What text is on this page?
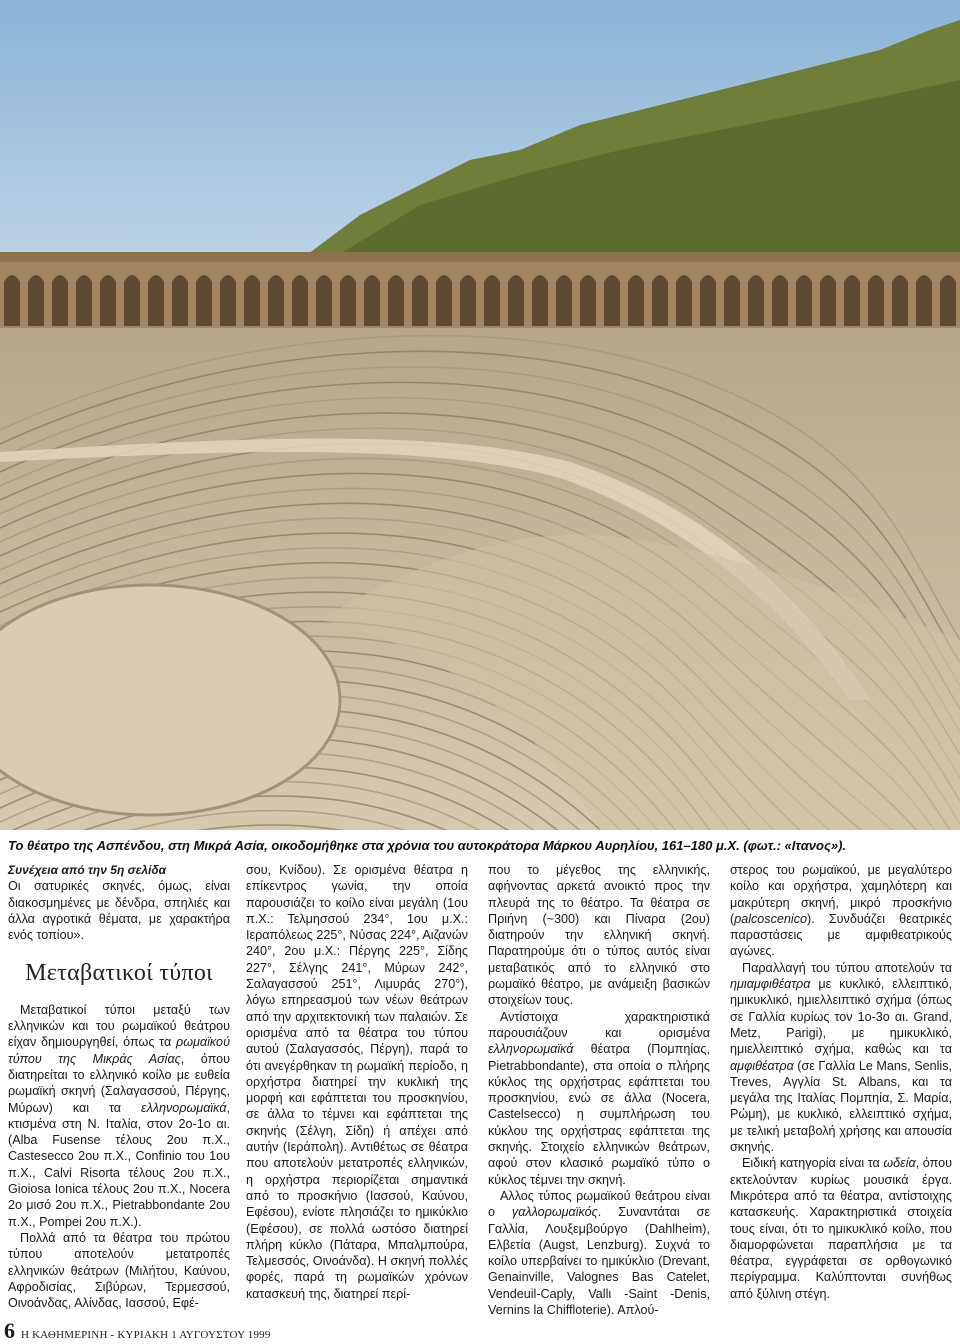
Το θέατρο της Ασπένδου, στη Μικρά Ασία, οικοδομήθηκε στα χρόνια του αυτοκράτορα Μάρκου Αυρηλίου, 161–180 μ.Χ. (φωτ.: «Ιτανος»).

Συνέχεια από την 5η σελίδα

Οι σατυρικές σκηνές, όμως, είναι διακοσμημένες με δένδρα, σπηλιές και άλλα αγροτικά θέματα, με χαρακτήρα ενός τοπίου».

Μεταβατικοί τύποι

Μεταβατικοί τύποι μεταξύ των ελληνικών και του ρωμαϊκού θεάτρου είχαν δημιουργηθεί, όπως τα ρωμαϊκού τύπου της Μικράς Ασίας, όπου διατηρείται το ελληνικό κοίλο με ευθεία ρωμαϊκή σκηνή (Σαλαγασσού, Πέργης, Μύρων) και τα ελληνορωμαϊκά, κτισμένα στη Ν. Ιταλία, στον 2ο-1ο αι. (Alba Fusense τέλους 2ου π.Χ., Castesecco 2ου π.Χ., Confinio του 1ου π.Χ., Calvi Risorta τέλους 2ου π.Χ., Gioiosa Ionica τέλους 2ου π.Χ., Nocera 2ο μισό 2ου π.Χ., Pietrabbondante 2ου π.Χ., Pompei 2ου π.Χ.).

Πολλά από τα θέατρα του πρώτου τύπου αποτελούν μετατροπές ελληνικών θεάτρων (Μιλήτου, Καύνου, Αφροδισίας, Σιβύρων, Τερμεσσού, Οινοάνδας, Αλίνδας, Ιασσού, Εφέ-

σου, Κνίδου). Σε ορισμένα θέατρα η επίκεντρος γωνία, την οποία παρουσιάζει το κοίλο είναι μεγάλη (1ου π.Χ.: Τελμησσού 234°, 1ου μ.Χ.: Ιεραπόλεως 225°, Νύσας 224°, Αιζανών 240°, 2ου μ.Χ.: Πέργης 225°, Σίδης 227°, Σέλγης 241°, Μύρων 242°, Σαλαγασσού 251°, Λιμυράς 270°), λόγω επηρεασμού των νέων θεάτρων από την αρχιτεκτονική των παλαιών. Σε ορισμένα από τα θέατρα του τύπου αυτού (Σαλαγασσός, Πέργη), παρά το ότι ανεγέρθηκαν τη ρωμαϊκή περίοδο, η ορχήστρα διατηρεί την κυκλική της μορφή και εφάπτεται του προσκηνίου, σε άλλα το τέμνει και εφάπτεται της σκηνής (Σέλγη, Σίδη) ή απέχει από αυτήν (Ιεράπολη). Αντιθέτως σε θέατρα που αποτελούν μετατροπές ελληνικών, η ορχήστρα περιορίζεται σημαντικά από το προσκήνιο (Ιασσού, Καύνου, Εφέσου), ενίοτε πλησιάζει το ημικύκλιο (Εφέσου), σε πολλά ωστόσο διατηρεί πλήρη κύκλο (Πάταρα, Μπαλμπούρα, Τελμεσσός, Οινοάνδα). Η σκηνή πολλές φορές, παρά τη ρωμαϊκών χρόνων κατασκευή της, διατηρεί περί-

που το μέγεθος της ελληνικής, αφήνοντας αρκετά ανοικτό προς την πλευρά της το θέατρο. Τα θέατρα σε Πριήνη (~300) και Πίναρα (2ου) διατηρούν την ελληνική σκηνή. Παρατηρούμε ότι ο τύπος αυτός είναι μεταβατικός από το ελληνικό στο ρωμαϊκό θέατρο, με ανάμειξη βασικών στοιχείων τους.

Αντίστοιχα χαρακτηριστικά παρουσιάζουν και ορισμένα ελληνορωμαϊκά θέατρα (Πομπηίας, Pietrabbondante), στα οποία ο πλήρης κύκλος της ορχήστρας εφάπτεται του προσκηνίου, ενώ σε άλλα (Nocera, Castelsecco) η συμπλήρωση του κύκλου της ορχήστρας εφάπτεται της σκηνής. Στοιχείο ελληνικών θεάτρων, αφού στον κλασικό ρωμαϊκό τύπο ο κύκλος τέμνει την σκηνή.

Αλλος τύπος ρωμαϊκού θεάτρου είναι ο γαλλορωμαϊκός. Συναντάται σε Γαλλία, Λουξεμβούργο (Dahlheim), Ελβετία (Augst, Lenzburg). Συχνά το κοίλο υπερβαίνει το ημικύκλιο (Drevant, Genainville, Valognes Bas Catelet, Vendeuil-Caply, Vallι -Saint -Denis, Vernins la Chiffloterie). Απλού-

στερος του ρωμαϊκού, με μεγαλύτερο κοίλο και ορχήστρα, χαμηλότερη και μακρύτερη σκηνή, μικρό προσκήνιο (palcoscenico). Συνδυάζει θεατρικές παραστάσεις με αμφιθεατρικούς αγώνες.

Παραλλαγή του τύπου αποτελούν τα ημιαμφιθέατρα με κυκλικό, ελλειπτικό, ημικυκλικό, ημιελλειπτικό σχήμα (όπως σε Γαλλία κυρίως τον 1ο-3ο αι. Grand, Metz, Parigi), με ημικυκλικό, ημιελλειπτικό σχήμα, καθώς και τα αμφιθέατρα (σε Γαλλία Le Mans, Senlis, Treves, Αγγλία St. Albans, και τα μεγάλα της Ιταλίας Πομπηία, Σ. Μαρία, Ρώμη), με κυκλικό, ελλειπτικό σχήμα, με τελική μεταβολή χρήσης και απουσία σκηνής.

Ειδική κατηγορία είναι τα ωδεία, όπου εκτελούνταν κυρίως μουσικά έργα. Μικρότερα από τα θέατρα, αντίστοιχης κατασκευής. Χαρακτηριστικά στοιχεία τους είναι, ότι το ημικυκλικό κοίλο, που διαμορφώνεται παραπλήσια με τα θέατρα, εγγράφεται σε ορθογωνικό περίγραμμα. Καλύπτονται συνήθως από ξύλινη στέγη.

6 Η ΚΑΘΗΜΕΡΙΝΗ - ΚΥΡΙΑΚΗ 1 ΑΥΓΟΥΣΤΟΥ 1999
